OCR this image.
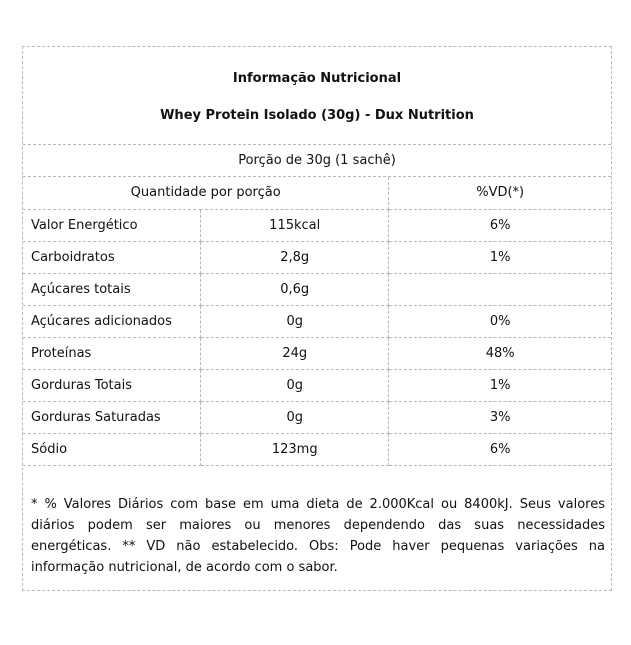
Informação Nutricional
Whey Protein Isolado (30g) - Dux Nutrition
Porção de 30g (1 sachê)
Quantidade por porção		%VD(*)
Valor Energético	115kcal	6%
Carboidratos	2,8g	1%
Açúcares totais	0,6g	
Açúcares adicionados	0g	0%
Proteínas	24g	48%
Gorduras Totais	0g	1%
Gorduras Saturadas	0g	3%
Sódio	123mg	6%
* % Valores Diários com base em uma dieta de 2.000Kcal ou 8400kJ. Seus valores diários podem ser maiores ou menores dependendo das suas necessidades energéticas. ** VD não estabelecido. Obs: Pode haver pequenas variações na informação nutricional, de acordo com o sabor.
